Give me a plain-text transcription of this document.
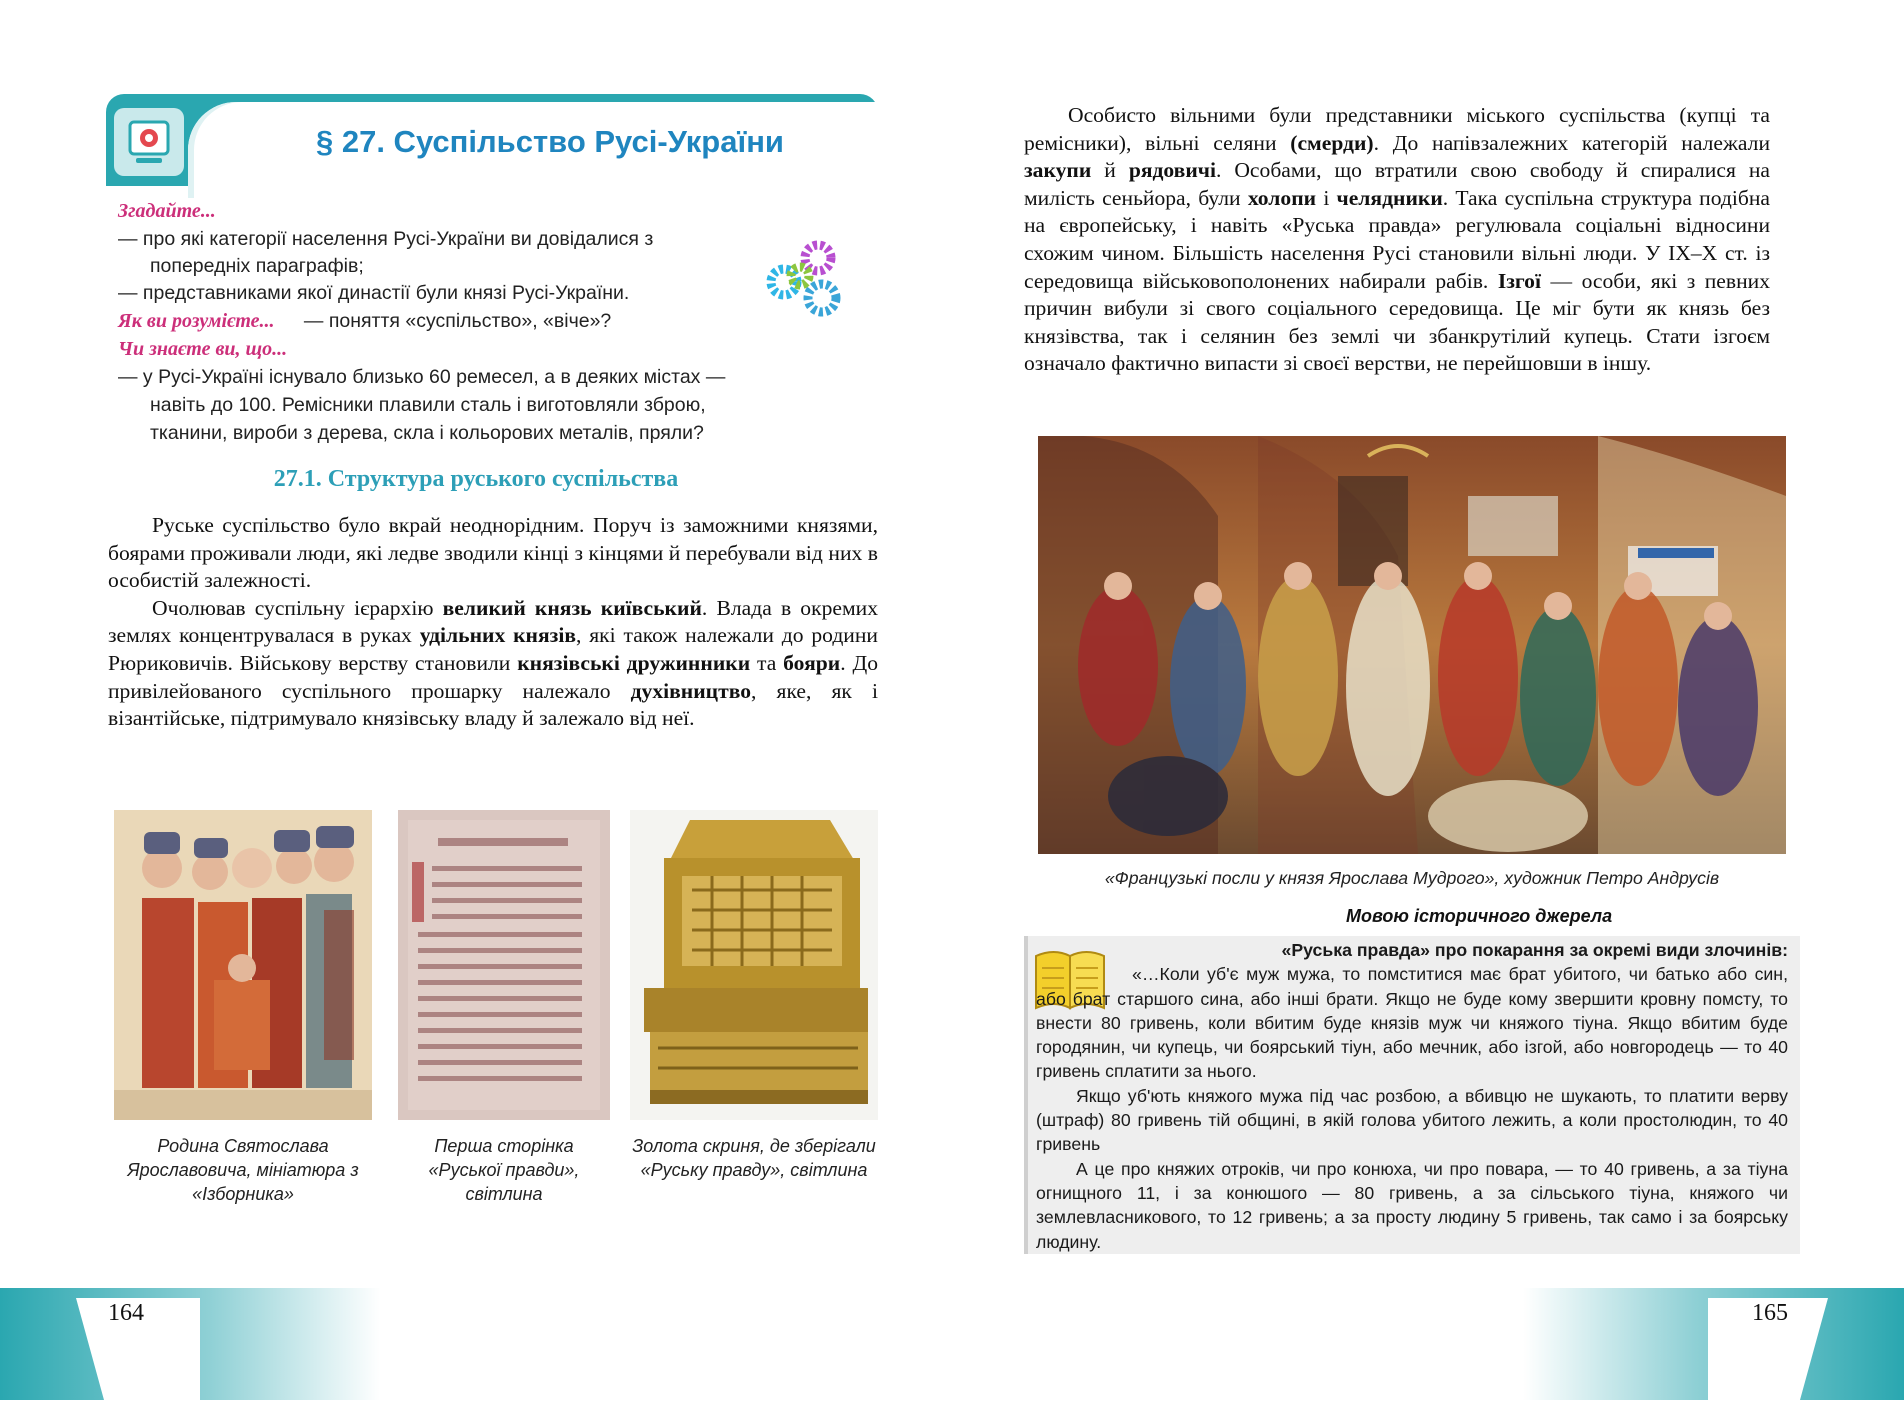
§ 27. Суспільство Русі-України
Згадайте...
— про які категорії населення Русі-України ви довідалися з
попередніх параграфів;
— представниками якої династії були князі Русі-України.
Як ви розумієте... — поняття «суспільство», «віче»?
Чи знаєте ви, що...
— у Русі-Україні існувало близько 60 ремесел, а в деяких містах —
навіть до 100. Ремісники плавили сталь і виготовляли зброю,
тканини, вироби з дерева, скла і кольорових металів, пряли?
27.1. Структура руського суспільства

Руське суспільство було вкрай неоднорідним. Поруч із заможними князями, боярами проживали люди, які ледве зводили кінці з кінцями й перебували від них в особистій залежності.

Очолював суспільну ієрархію великий князь київський. Влада в окремих землях концентрувалася в руках удільних князів, які також належали до родини Рюриковичів. Військову верству становили князівські дружинники та бояри. До привілейованого суспільного прошарку належало духівництво, яке, як і візантійське, підтримувало князівську владу й залежало від неї.

Родина Святослава Ярославовича, мініатюра з «Ізборника»
Перша сторінка «Руської правди», світлина
Золота скриня, де зберігали «Руську правду», світлина
164

Особисто вільними були представники міського суспільства (купці та ремісники), вільні селяни (смерди). До напівзалежних категорій належали закупи й рядовичі. Особами, що втратили свою свободу й спиралися на милість сеньйора, були холопи і челядники. Така суспільна структура подібна на європейську, і навіть «Руська правда» регулювала соціальні відносини схожим чином. Більшість населення Русі становили вільні люди. У IX–X ст. із середовища військовополонених набирали рабів. Ізгої — особи, які з певних причин вибули зі свого соціального середовища. Це міг бути як князь без князівства, так і селянин без землі чи збанкрутілий купець. Стати ізгоєм означало фактично випасти зі своєї верстви, не перейшовши в іншу.

«Французькі посли у князя Ярослава Мудрого», художник Петро Андрусів
Мовою історичного джерела

«Руська правда» про покарання за окремі види злочинів:

«…Коли уб'є муж мужа, то помститися має брат убитого, чи батько або син, або брат старшого сина, або інші брати. Якщо не буде кому звершити кровну помсту, то внести 80 гривень, коли вбитим буде князів муж чи княжого тіуна. Якщо вбитим буде городянин, чи купець, чи боярський тіун, або мечник, або ізгой, або новгородець — то 40 гривень сплатити за нього.

Якщо уб'ють княжого мужа під час розбою, а вбивцю не шукають, то платити верву (штраф) 80 гривень тій общині, в якій голова убитого лежить, а коли простолюдин, то 40 гривень

А це про княжих отроків, чи про конюха, чи про повара, — то 40 гривень, а за тіуна огнищного 11, і за конюшого — 80 гривень, а за сільського тіуна, княжого чи землевласникового, то 12 гривень; а за просту людину 5 гривень, так само і за боярську людину.

165
